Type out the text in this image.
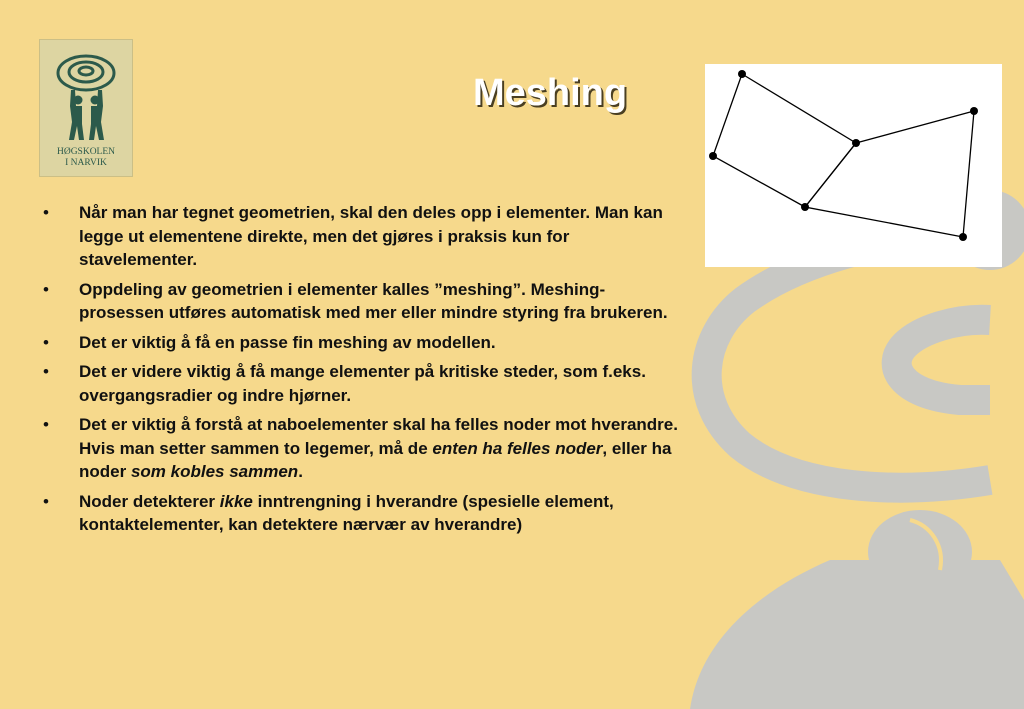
HØGSKOLEN
I NARVIK
Meshing
• Når man har tegnet geometrien, skal den deles opp i elementer. Man kan legge ut elementene direkte, men det gjøres i praksis kun for stavelementer.
• Oppdeling av geometrien i elementer kalles ”meshing”. Meshing-prosessen utføres automatisk med mer eller mindre styring fra brukeren.
• Det er viktig å få en passe fin meshing av modellen.
• Det er videre viktig å få mange elementer på kritiske steder, som f.eks. overgangsradier og indre hjørner.
• Det er viktig å forstå at naboelementer skal ha felles noder mot hverandre. Hvis man setter sammen to legemer, må de enten ha felles noder, eller ha noder som kobles sammen.
• Noder detekterer ikke inntrengning i hverandre (spesielle element, kontaktelementer, kan detektere nærvær av hverandre)
